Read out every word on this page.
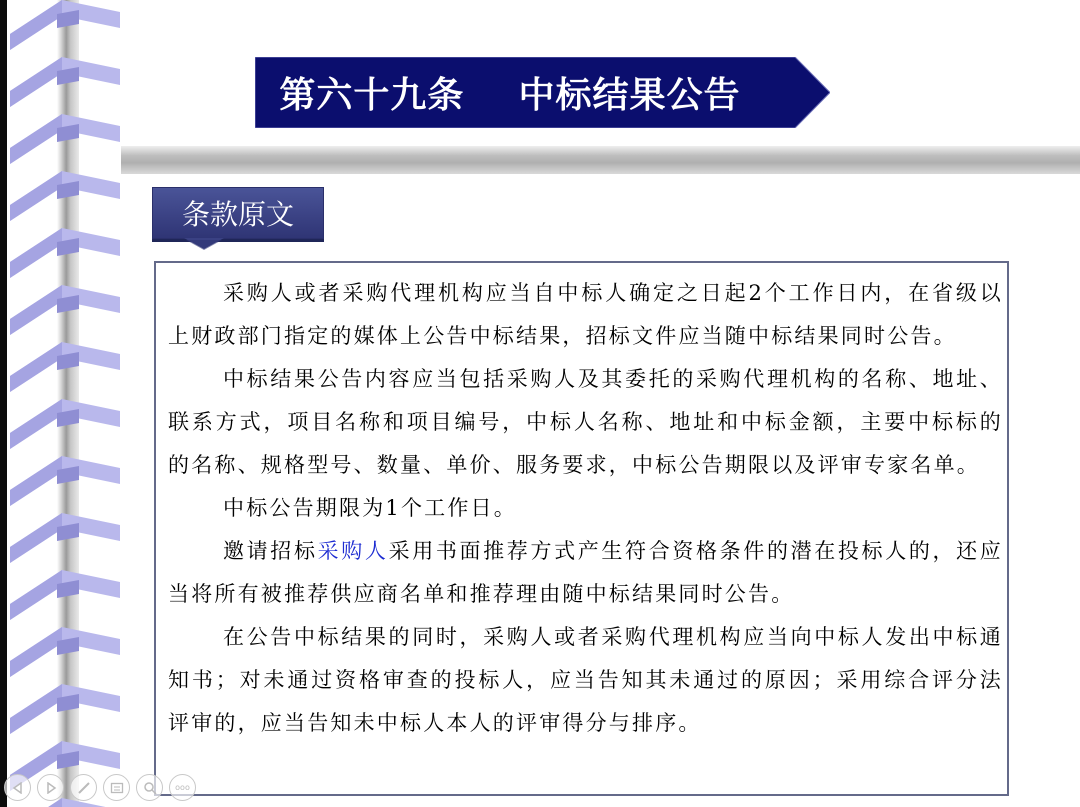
第六十九条    中标结果公告
条款原文

采购人或者采购代理机构应当自中标人确定之日起2个工作日内，在省级以上财政部门指定的媒体上公告中标结果，招标文件应当随中标结果同时公告。

中标结果公告内容应当包括采购人及其委托的采购代理机构的名称、地址、联系方式，项目名称和项目编号，中标人名称、地址和中标金额，主要中标标的的名称、规格型号、数量、单价、服务要求，中标公告期限以及评审专家名单。

中标公告期限为1个工作日。

邀请招标采购人采用书面推荐方式产生符合资格条件的潜在投标人的，还应当将所有被推荐供应商名单和推荐理由随中标结果同时公告。

在公告中标结果的同时，采购人或者采购代理机构应当向中标人发出中标通知书；对未通过资格审查的投标人，应当告知其未通过的原因；采用综合评分法评审的，应当告知未中标人本人的评审得分与排序。

ooo
